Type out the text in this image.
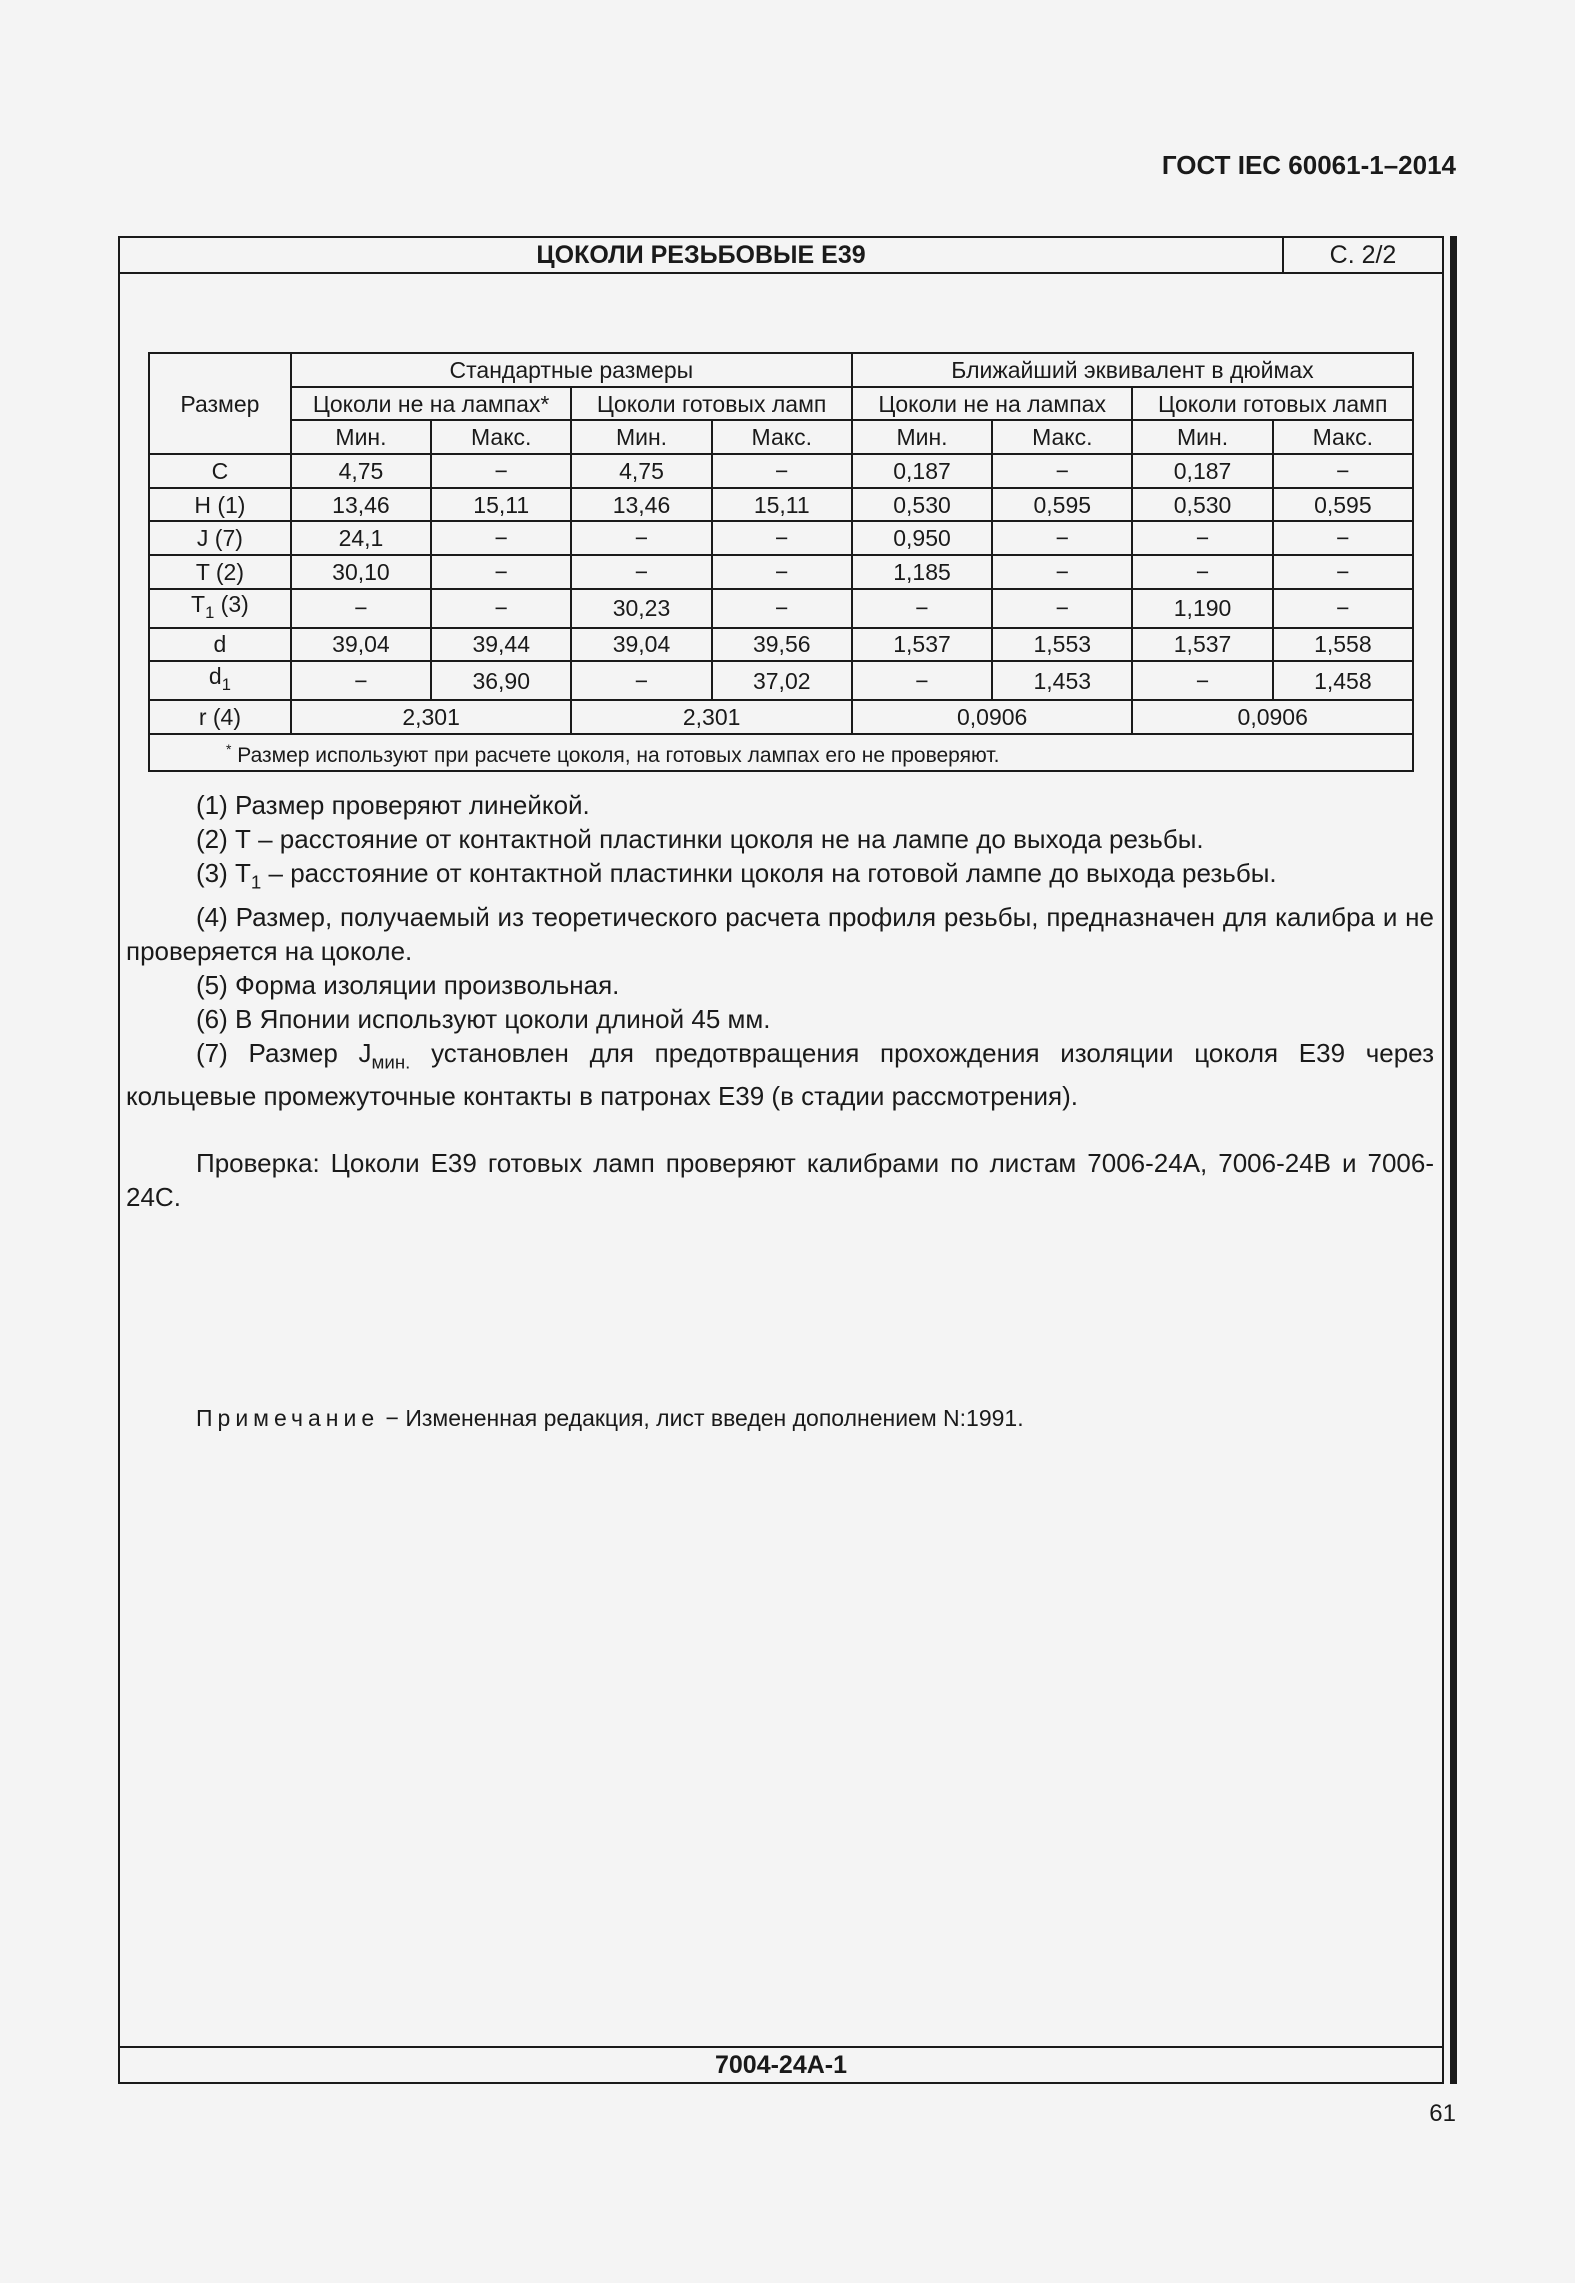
ГОСТ IEC 60061-1–2014
ЦОКОЛИ РЕЗЬБОВЫЕ Е39	С. 2/2
7004-24А-1
Размер	Стандартные размеры				Ближайший эквивалент в дюймах			
	Цоколи не на лампах*		Цоколи готовых ламп		Цоколи не на лампах		Цоколи готовых ламп	
	Мин.	Макс.	Мин.	Макс.	Мин.	Макс.	Мин.	Макс.
C	4,75	−	4,75	−	0,187	−	0,187	−
H (1)	13,46	15,11	13,46	15,11	0,530	0,595	0,530	0,595
J (7)	24,1	−	−	−	0,950	−	−	−
T (2)	30,10	−	−	−	1,185	−	−	−
$T_1$ (3)	−	−	30,23	−	−	−	1,190	−
d	39,04	39,44	39,04	39,56	1,537	1,553	1,537	1,558
$d_1$	−	36,90	−	37,02	−	1,453	−	1,458
r (4)	2,301		2,301		0,0906		0,0906	
* Размер используют при расчете цоколя, на готовых лампах его не проверяют.								

(1) Размер проверяют линейкой.

(2) Т – расстояние от контактной пластинки цоколя не на лампе до выхода резьбы.

(3) $Т_1$ – расстояние от контактной пластинки цоколя на готовой лампе до выхода резьбы.

(4) Размер, получаемый из теоретического расчета профиля резьбы, предназначен для калибра и не проверяется на цоколе.

(5) Форма изоляции произвольная.

(6) В Японии используют цоколи длиной 45 мм.

(7) Размер $J_{мин.}$ установлен для предотвращения прохождения изоляции цоколя Е39 через кольцевые промежуточные контакты в патронах Е39 (в стадии рассмотрения).

Проверка: Цоколи Е39 готовых ламп проверяют калибрами по листам 7006-24А, 7006-24В и 7006-24С.

Примечание − Измененная редакция, лист введен дополнением N:1991.
61
